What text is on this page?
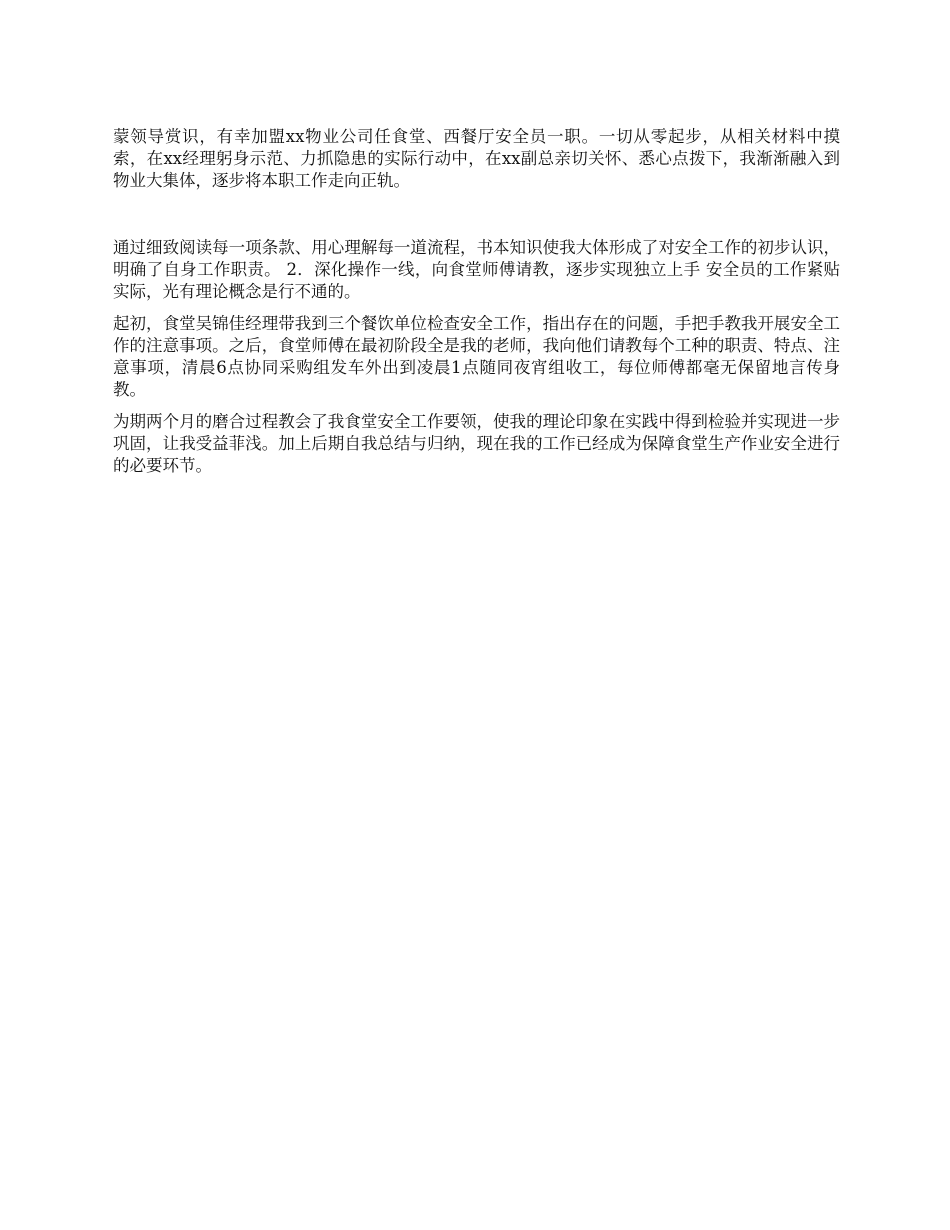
蒙领导赏识，有幸加盟xx物业公司任食堂、西餐厅安全员一职。一切从零起步，从相关材料中摸索，在xx经理躬身示范、力抓隐患的实际行动中，在xx副总亲切关怀、悉心点拨下，我渐渐融入到物业大集体，逐步将本职工作走向正轨。

通过细致阅读每一项条款、用心理解每一道流程，书本知识使我大体形成了对安全工作的初步认识，明确了自身工作职责。 2．深化操作一线，向食堂师傅请教，逐步实现独立上手 安全员的工作紧贴实际，光有理论概念是行不通的。

起初，食堂吴锦佳经理带我到三个餐饮单位检查安全工作，指出存在的问题，手把手教我开展安全工作的注意事项。之后，食堂师傅在最初阶段全是我的老师，我向他们请教每个工种的职责、特点、注意事项，清晨6点协同采购组发车外出到凌晨1点随同夜宵组收工，每位师傅都毫无保留地言传身教。

为期两个月的磨合过程教会了我食堂安全工作要领，使我的理论印象在实践中得到检验并实现进一步巩固，让我受益菲浅。加上后期自我总结与归纳，现在我的工作已经成为保障食堂生产作业安全进行的必要环节。
